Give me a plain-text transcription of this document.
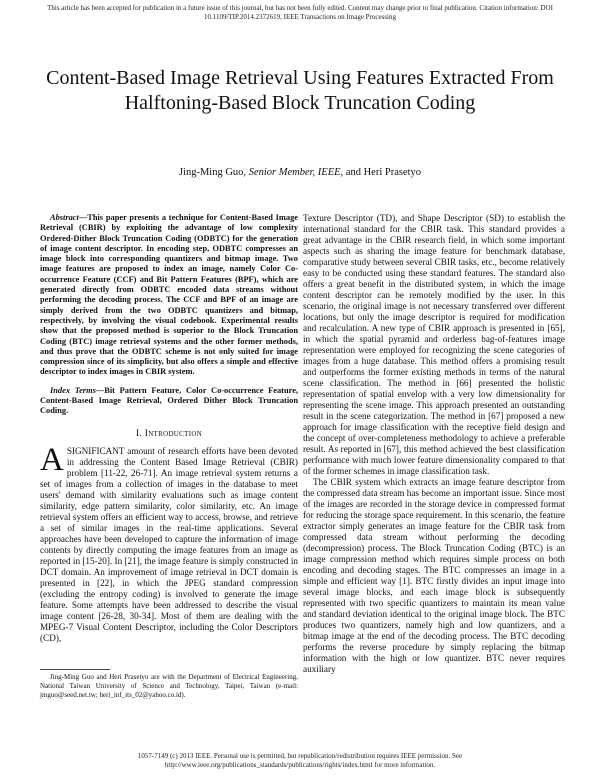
This article has been accepted for publication in a future issue of this journal, but has not been fully edited. Content may change prior to final publication. Citation information: DOI 10.1109/TIP.2014.2372619, IEEE Transactions on Image Processing
Content-Based Image Retrieval Using Features Extracted From Halftoning-Based Block Truncation Coding
Jing-Ming Guo, Senior Member, IEEE, and Heri Prasetyo

Abstract—This paper presents a technique for Content-Based Image Retrieval (CBIR) by exploiting the advantage of low complexity Ordered-Dither Block Truncation Coding (ODBTC) for the generation of image content descriptor. In encoding step, ODBTC compresses an image block into corresponding quantizers and bitmap image. Two image features are proposed to index an image, namely Color Co-occurrence Feature (CCF) and Bit Pattern Features (BPF), which are generated directly from ODBTC encoded data streams without performing the decoding process. The CCF and BPF of an image are simply derived from the two ODBTC quantizers and bitmap, respectively, by involving the visual codebook. Experimental results show that the proposed method is superior to the Block Truncation Coding (BTC) image retrieval systems and the other former methods, and thus prove that the ODBTC scheme is not only suited for image compression since of its simplicity, but also offers a simple and effective descriptor to index images in CBIR system.

Index Terms—Bit Pattern Feature, Color Co-occurrence Feature, Content-Based Image Retrieval, Ordered Dither Block Truncation Coding.

I. Introduction

ASIGNIFICANT amount of research efforts have been devoted in addressing the Content Based Image Retrieval (CBIR) problem [11-22, 26-71]. An image retrieval system returns a set of images from a collection of images in the database to meet users' demand with similarity evaluations such as image content similarity, edge pattern similarity, color similarity, etc. An image retrieval system offers an efficient way to access, browse, and retrieve a set of similar images in the real-time applications. Several approaches have been developed to capture the information of image contents by directly computing the image features from an image as reported in [15-20]. In [21], the image feature is simply constructed in DCT domain. An improvement of image retrieval in DCT domain is presented in [22], in which the JPEG standard compression (excluding the entropy coding) is involved to generate the image feature. Some attempts have been addressed to describe the visual image content [26-28, 30-34]. Most of them are dealing with the MPEG-7 Visual Content Descriptor, including the Color Descriptors (CD),

Texture Descriptor (TD), and Shape Descriptor (SD) to establish the international standard for the CBIR task. This standard provides a great advantage in the CBIR research field, in which some important aspects such as sharing the image feature for benchmark database, comparative study between several CBIR tasks, etc., become relatively easy to be conducted using these standard features. The standard also offers a great benefit in the distributed system, in which the image content descriptor can be remotely modified by the user. In this scenario, the original image is not necessary transferred over different locations, but only the image descriptor is required for modification and recalculation. A new type of CBIR approach is presented in [65], in which the spatial pyramid and orderless bag-of-features image representation were employed for recognizing the scene categories of images from a huge database. This method offers a promising result and outperforms the former existing methods in terms of the natural scene classification. The method in [66] presented the holistic representation of spatial envelop with a very low dimensionality for representing the scene image. This approach presented an outstanding result in the scene categorization. The method in [67] proposed a new approach for image classification with the receptive field design and the concept of over-completeness methodology to achieve a preferable result. As reported in [67], this method achieved the best classification performance with much lower feature dimensionality compared to that of the former schemes in image classification task.

The CBIR system which extracts an image feature descriptor from the compressed data stream has become an important issue. Since most of the images are recorded in the storage device in compressed format for reducing the storage space requirement. In this scenario, the feature extractor simply generates an image feature for the CBIR task from compressed data stream without performing the decoding (decompression) process. The Block Truncation Coding (BTC) is an image compression method which requires simple process on both encoding and decoding stages. The BTC compresses an image in a simple and efficient way [1]. BTC firstly divides an input image into several image blocks, and each image block is subsequently represented with two specific quantizers to maintain its mean value and standard deviation identical to the original image block. The BTC produces two quantizers, namely high and low quantizers, and a bitmap image at the end of the decoding process. The BTC decoding performs the reverse procedure by simply replacing the bitmap information with the high or low quantizer. BTC never requires auxiliary

Jing-Ming Guo and Heri Prasetyo are with the Department of Electrical Engineering, National Taiwan University of Science and Technology, Taipei, Taiwan (e-mail: jmguo@seed.net.tw; heri_inf_its_02@yahoo.co.id).
1057-7149 (c) 2013 IEEE. Personal use is permitted, but republication/redistribution requires IEEE permission. See http://www.ieee.org/publications_standards/publications/rights/index.html for more information.
